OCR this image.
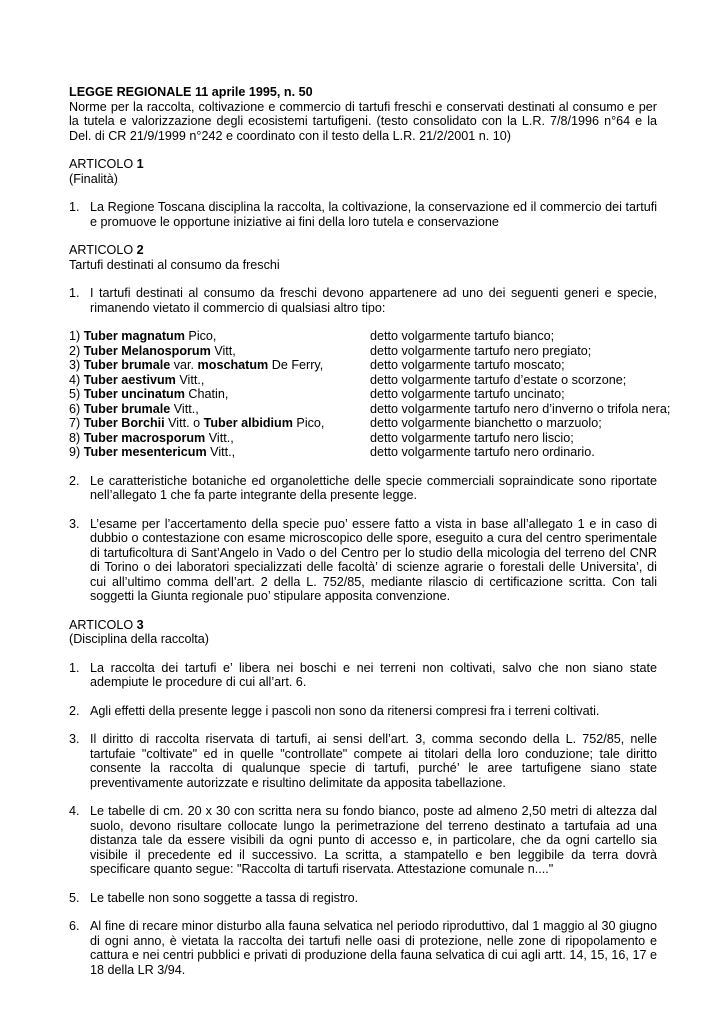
LEGGE REGIONALE 11 aprile 1995, n. 50

Norme per la raccolta, coltivazione e commercio di tartufi freschi e conservati destinati al consumo e per la tutela e valorizzazione degli ecosistemi tartufigeni. (testo consolidato con la L.R. 7/8/1996 n°64 e la Del. di CR 21/9/1999 n°242 e coordinato con il testo della L.R. 21/2/2001 n. 10)

ARTICOLO 1

(Finalità)

1. La Regione Toscana disciplina la raccolta, la coltivazione, la conservazione ed il commercio dei tartufi e promuove le opportune iniziative ai fini della loro tutela e conservazione

ARTICOLO 2

Tartufi destinati al consumo da freschi

1. I tartufi destinati al consumo da freschi devono appartenere ad uno dei seguenti generi e specie, rimanendo vietato il commercio di qualsiasi altro tipo:
1) Tuber magnatum Pico,	detto volgarmente tartufo bianco;
2) Tuber Melanosporum Vitt,	detto volgarmente tartufo nero pregiato;
3) Tuber brumale var. moschatum De Ferry,	detto volgarmente tartufo moscato;
4) Tuber aestivum Vitt.,	detto volgarmente tartufo d’estate o scorzone;
5) Tuber uncinatum Chatin,	detto volgarmente tartufo uncinato;
6) Tuber brumale Vitt.,	detto volgarmente tartufo nero d’inverno o trifola nera;
7) Tuber Borchii Vitt. o Tuber albidium Pico,	detto volgarmente bianchetto o marzuolo;
8) Tuber macrosporum Vitt.,	detto volgarmente tartufo nero liscio;
9) Tuber mesentericum Vitt.,	detto volgarmente tartufo nero ordinario.
2. Le caratteristiche botaniche ed organolettiche delle specie commerciali sopraindicate sono riportate nell’allegato 1 che fa parte integrante della presente legge.
3. L’esame per l’accertamento della specie puo’ essere fatto a vista in base all’allegato 1 e in caso di dubbio o contestazione con esame microscopico delle spore, eseguito a cura del centro sperimentale di tartuficoltura di Sant’Angelo in Vado o del Centro per lo studio della micologia del terreno del CNR di Torino o dei laboratori specializzati delle facoltà’ di scienze agrarie o forestali delle Universita’, di cui all’ultimo comma dell’art. 2 della L. 752/85, mediante rilascio di certificazione scritta. Con tali soggetti la Giunta regionale puo’ stipulare apposita convenzione.

ARTICOLO 3

(Disciplina della raccolta)

1. La raccolta dei tartufi e’ libera nei boschi e nei terreni non coltivati, salvo che non siano state adempiute le procedure di cui all’art. 6.
2. Agli effetti della presente legge i pascoli non sono da ritenersi compresi fra i terreni coltivati.
3. Il diritto di raccolta riservata di tartufi, ai sensi dell’art. 3, comma secondo della L. 752/85, nelle tartufaie "coltivate" ed in quelle "controllate" compete ai titolari della loro conduzione; tale diritto consente la raccolta di qualunque specie di tartufi, purché’ le aree tartufigene siano state preventivamente autorizzate e risultino delimitate da apposita tabellazione.
4. Le tabelle di cm. 20 x 30 con scritta nera su fondo bianco, poste ad almeno 2,50 metri di altezza dal suolo, devono risultare collocate lungo la perimetrazione del terreno destinato a tartufaia ad una distanza tale da essere visibili da ogni punto di accesso e, in particolare, che da ogni cartello sia visibile il precedente ed il successivo. La scritta, a stampatello e ben leggibile da terra dovrà specificare quanto segue: "Raccolta di tartufi riservata. Attestazione comunale n...."
5. Le tabelle non sono soggette a tassa di registro.
6. Al fine di recare minor disturbo alla fauna selvatica nel periodo riproduttivo, dal 1 maggio al 30 giugno di ogni anno, è vietata la raccolta dei tartufi nelle oasi di protezione, nelle zone di ripopolamento e cattura e nei centri pubblici e privati di produzione della fauna selvatica di cui agli artt. 14, 15, 16, 17 e 18 della LR 3/94.
